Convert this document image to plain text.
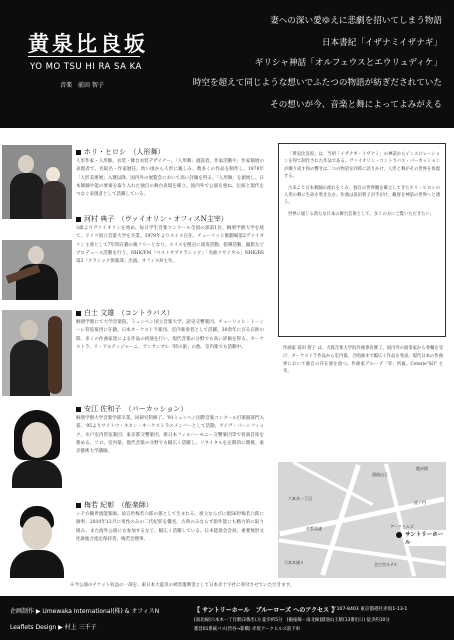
黄泉比良坂
YO MO TSU HI RA SA KA
音楽　前田 智子
妻への深い愛ゆえに悲劇を招いてしまう物語
日本書紀「イザナミイザナギ」
ギリシャ神話「オルフェウスとエウリュディケ」
時空を超えて同じような想いでふたつの物語が紡ぎだされていた
その想いが今、音楽と舞によってよみがえる
ホリ・ヒロシ　（人形舞）
人形作家・人形師。衣装・舞台衣装デザイナー。「人形舞」創設者。作家活動や、作家個展の表現者で、名取名・作家歴任。幼い頃から人形に親しみ、数多くの作品を制作し、1978年「人形美術展」入選以降、国内外の展覧会において高い評価を得る。「人形舞」を創始し、日本舞踊や能の要素を取り入れた独自の舞台表現を確立。国内外で公演を重ね、伝統と現代をつなぐ表現者として活躍している。
河村 典子　（ヴァイオリン・オフィスN主宰）
3歳よりヴァイオリンを始め、毎日学生音楽コンクール全国の部第1位。桐朋学園大学を経て、ドイツ国立音楽大学を卒業。1979年よりスイス在住、チューリッヒ歌劇場第2ヴァイオリン主席として7年間在籍の後フリーとなり、スイスを拠点に演奏活動、指導活動、撮影などプロデュース活動を行う。NHK/FM「ベストオブクラシック」「名曲リサイタル」NHK/BS第2「クラシック倶楽部」出演。オフィスN主宰。
白土 文雄　（コントラバス）
桐朋学園にて大学音楽院、ミュンヘン国立音楽大学。読売交響楽団、チューリッヒ・トーンハレ管弦楽団に在籍。日本オーケストラ楽団、室内楽奏者として活躍。30余年に亘る在欧の間、多くの作曲家達による作品の初演を行い、現代音楽の分野でも高い評価を得る。オーケストラ、リ・アルティジャーニ、アンサンブル「時の旅」の他、室内楽でも活動中。
安江 佐和子　（パーカッション）
桐朋学園大学音楽学部卒業、同研究科修了。'91ミュンヘン国際音楽コンクール打楽器部門入賞。'95よりサイトウ・キネン・オーケストラのメンバーとして活動。アイヴ・パーシフィック、水戸室内管弦楽団、東京都交響楽団、新日本フィルハーモニー交響楽団等で客演首席を務める。ソロ、室内楽、現代音楽の分野でも幅広く活躍し、リサイタルを定期的に開催。東京藝術大学講師。
梅若 紀彰　（能楽師）
シテ方観世流能楽師。故五世梅若六郎の孫として生まれる。祖父ならびに現56世梅若六郎に師事。2010年12月に男性のみの二代紀彰を襲名。古典のみならず新作能にも精力的に取り組み、また海外公演にも参加するなど、幅広く活躍している。日本能楽会会員。重要無形文化財総合指定保持者。梅若会理事。

「黄泉比良坂」は、当初「イザナギ・イザナミ」の神話からインスピレーションを得て制作された作品である。ヴァイオリン・コントラバス・パーカッションが織り成す和の響きは二つの物語を同時に語りかけ、人形と舞がその世界を体現する。

古来より日本舞踊の流れをくみ、独自の世界観を確立してきたホリ・ヒロシの人形の舞に生命を吹き込む。作曲は前田智子が手がけ、観客を神話の世界へと誘う。

世界に通じる新たな日本の舞台芸術として、多くの方にご覧いただきたい。

作曲家 前田 智子 は、大阪音楽大学院作曲専攻修了。国内外の演奏家から委嘱を受け、オーケストラ作品から室内楽、合唱曲まで幅広く作品を発表。現代日本の作曲界において独自の存在感を放つ。作曲家グループ「零」所属。Coterie"SO" 主宰。
溜池山王
六本木一丁目
首都高速	アークヒルズ
全日空ホテル
虎ノ門
六本木通り
霞が関
サントリーホール
※今公演のチケット収益の一部を、東日本大震災の被害復興金として日本赤十字社に寄付させていただきます。
企画制作 ▶ Umewaka International(株) & オフィスN
Leaflets Design ▶ 村上 三千子
【 サントリーホール　ブルーローズ へのアクセス 】
〒107-8403 東京都港区赤坂1-13-1
[南北線]六本木一丁目駅(3番出口) 徒歩約5分　[銀座線・南北線]溜池山王駅(13番出口) 徒歩約10分
都営01系統バス(渋谷→新橋) 赤坂アークヒルズ前下車
